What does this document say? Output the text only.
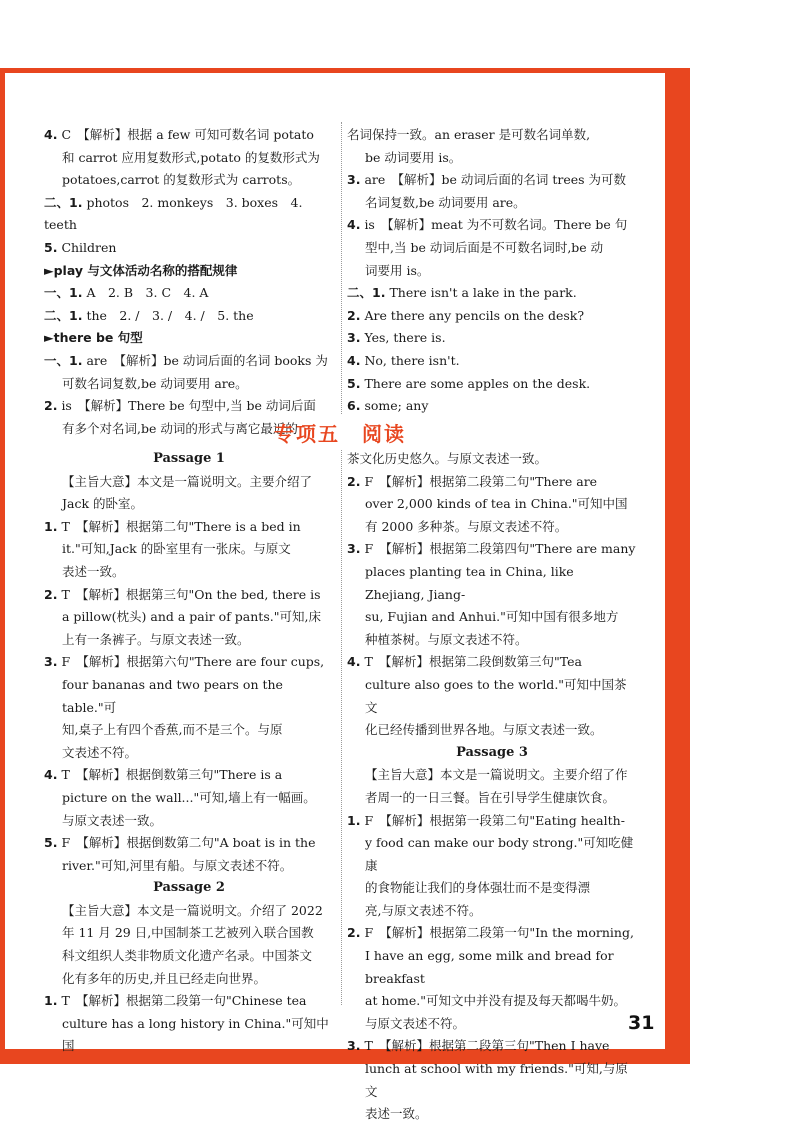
4. C　【解析】根据 a few 可知可数名词 potato

和 carrot 应用复数形式,potato 的复数形式为

potatoes,carrot 的复数形式为 carrots。

二、1. photos　2. monkeys　3. boxes　4. teeth

5. Children

►play 与文体活动名称的搭配规律

一、1. A　2. B　3. C　4. A

二、1. the　2. /　3. /　4. /　5. the

►there be 句型

一、1. are　【解析】be 动词后面的名词 books 为

可数名词复数,be 动词要用 are。

2. is　【解析】There be 句型中,当 be 动词后面

有多个对名词,be 动词的形式与离它最近的

名词保持一致。an eraser 是可数名词单数,

be 动词要用 is。

3. are　【解析】be 动词后面的名词 trees 为可数

名词复数,be 动词要用 are。

4. is　【解析】meat 为不可数名词。There be 句

型中,当 be 动词后面是不可数名词时,be 动

词要用 is。

二、1. There isn't a lake in the park.

2. Are there any pencils on the desk?

3. Yes, there is.

4. No, there isn't.

5. There are some apples on the desk.

6. some; any

专项五　阅读

Passage 1

【主旨大意】本文是一篇说明文。主要介绍了

Jack 的卧室。

1. T　【解析】根据第二句"There is a bed in

it."可知,Jack 的卧室里有一张床。与原文

表述一致。

2. T　【解析】根据第三句"On the bed, there is

a pillow(枕头) and a pair of pants."可知,床

上有一条裤子。与原文表述一致。

3. F　【解析】根据第六句"There are four cups,

four bananas and two pears on the table."可

知,桌子上有四个香蕉,而不是三个。与原

文表述不符。

4. T　【解析】根据倒数第三句"There is a

picture on the wall..."可知,墙上有一幅画。

与原文表述一致。

5. F　【解析】根据倒数第二句"A boat is in the

river."可知,河里有船。与原文表述不符。

Passage 2

【主旨大意】本文是一篇说明文。介绍了 2022

年 11 月 29 日,中国制茶工艺被列入联合国教

科文组织人类非物质文化遗产名录。中国茶文

化有多年的历史,并且已经走向世界。

1. T　【解析】根据第二段第一句"Chinese tea

culture has a long history in China."可知中国

茶文化历史悠久。与原文表述一致。

2. F　【解析】根据第二段第二句"There are

over 2,000 kinds of tea in China."可知中国

有 2000 多种茶。与原文表述不符。

3. F　【解析】根据第二段第四句"There are many

places planting tea in China, like Zhejiang, Jiang-

su, Fujian and Anhui."可知中国有很多地方

种植茶树。与原文表述不符。

4. T　【解析】根据第二段倒数第三句"Tea

culture also goes to the world."可知中国茶文

化已经传播到世界各地。与原文表述一致。

Passage 3

【主旨大意】本文是一篇说明文。主要介绍了作

者周一的一日三餐。旨在引导学生健康饮食。

1. F　【解析】根据第一段第二句"Eating health-

y food can make our body strong."可知吃健康

的食物能让我们的身体强壮而不是变得漂

亮,与原文表述不符。

2. F　【解析】根据第二段第一句"In the morning,

I have an egg, some milk and bread for breakfast

at home."可知文中并没有提及每天都喝牛奶。

与原文表述不符。

3. T　【解析】根据第二段第三句"Then I have

lunch at school with my friends."可知,与原文

表述一致。

31
